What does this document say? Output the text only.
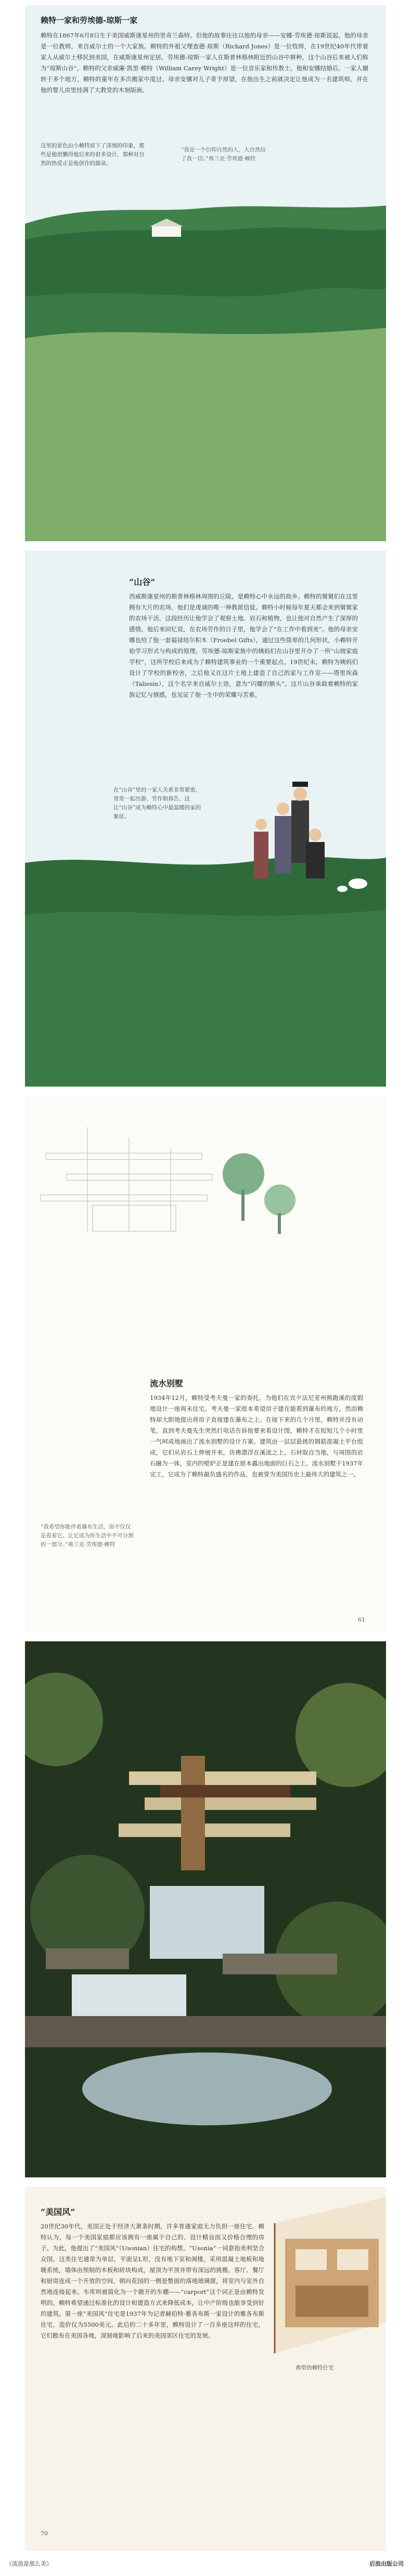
赖特一家和劳埃德-琼斯一家
赖特在1867年6月8日生于美国威斯康星州的里奇兰森特。但他的故事往往以他的母亲——安娜·劳埃德·琼斯说起。他的母亲是一位教师，来自威尔士的一个大家族。赖特的外祖父理查德·琼斯（Richard Jones）是一位牧师，在19世纪40年代带着家人从威尔士移民到美国，在威斯康星州定居。劳埃德-琼斯一家人在斯普林格林附近的山谷中耕种，这个山谷后来被人们称为“琼斯山谷”。赖特的父亲威廉·凯里·赖特（William Carey Wright）是一位音乐家和传教士，他和安娜结婚后，一家人辗转于多个地方，赖特的童年在多次搬家中度过。母亲安娜对儿子寄予厚望，在他出生之前就决定让他成为一名建筑师，并在他的婴儿房里挂满了大教堂的木刻版画。
这里的景色由小赖特留下了深刻的印象，那些是他很懒得他后来的很多设计，那种对自然的热爱正是他创作的源泉。
“我是一个信仰自然的人，大自然给了我一切。”弗兰克·劳埃德·赖特
“山谷”
西威斯康星州的斯普林格林周围的丘陵，是赖特心中永远的故乡。赖特的舅舅们在这里拥有大片的农场，他们是虔诚的唯一神教派信徒。赖特小时候每年夏天都会来到舅舅家的农场干活，这段经历让他学会了观察土地、岩石和植物，也让他对自然产生了深厚的感情。他后来回忆说，在农场劳作的日子里，他学会了“在工作中看到美”。他的母亲安娜也给了他一套福禄培尔积木（Froebel Gifts），通过这些简单的几何形状，小赖特开始学习形式与构成的原理。劳埃德-琼斯家族中的姨妈们在山谷里开办了一所“山坡家庭学校”，这所学校后来成为了赖特建筑事业的一个重要起点。19世纪末，赖特为姨妈们设计了学校的新校舍，之后他又在这片土地上建造了自己的家与工作室——塔里埃森（Taliesin），这个名字来自威尔士语，意为“闪耀的额头”。这片山谷承载着赖特的家族记忆与情感，也见证了他一生中的荣耀与苦难。
在“山谷”里的一家人关系非常紧密，常常一起出游、劳作和祷告，这让“山谷”成为赖特心中最温暖的家的象征。
流水别墅
1934年12月，赖特受考夫曼一家的委托，为他们在宾夕法尼亚州熊跑溪的度假地设计一座周末住宅。考夫曼一家原本希望房子建在能看到瀑布的地方，然而赖特却大胆地提出将房子直接建在瀑布之上。在接下来的几个月里，赖特并没有动笔，直到考夫曼先生突然打电话告诉他要来看设计图，赖特才在短短几个小时里一气呵成地画出了流水别墅的设计方案。建筑由一层层悬挑的钢筋混凝土平台组成，它们从岩石上伸展开来，仿佛漂浮在溪流之上。石材取自当地，与周围的岩石融为一体，室内的壁炉正是建在原本露出地面的巨石之上。流水别墅于1937年完工，它成为了赖特最负盛名的作品，也被誉为美国历史上最伟大的建筑之一。
“我希望你能伴着瀑布生活，而不仅仅是看着它。让它成为你生活中不可分割的一部分。”弗兰克·劳埃德·赖特
61
“美国风”
20世纪30年代，美国正处于经济大萧条时期，许多普通家庭无力负担一座住宅。赖特认为，每一个美国家庭都应该拥有一座属于自己的、设计精良而又价格合理的房子。为此，他提出了“美国风”（Usonian）住宅的构想。“Usonia”一词意指美利坚合众国。这类住宅通常为单层，平面呈L形，没有地下室和阁楼，采用混凝土地板和地暖系统，墙体由预制的木板和砖块构成，屋顶为平顶并带有深远的挑檐。客厅、餐厅和厨房连成一个开放的空间，朝向花园的一侧是整面的落地玻璃窗，将室内与室外自然地连接起来。车库则被简化为一个敞开的车棚——“carport”这个词正是由赖特发明的。赖特希望通过标准化的设计和建造方式来降低成本，让中产阶级也能享受到好的建筑。第一座“美国风”住宅是1937年为记者赫伯特·雅各布斯一家设计的雅各布斯住宅，造价仅为5500美元。此后的二十多年里，赖特设计了一百多座这样的住宅，它们散布在美国各地，深刻地影响了后来的美国郊区住宅的发展。
典型的赖特住宅
70
《流浪是那么美》	后浪出版公司
